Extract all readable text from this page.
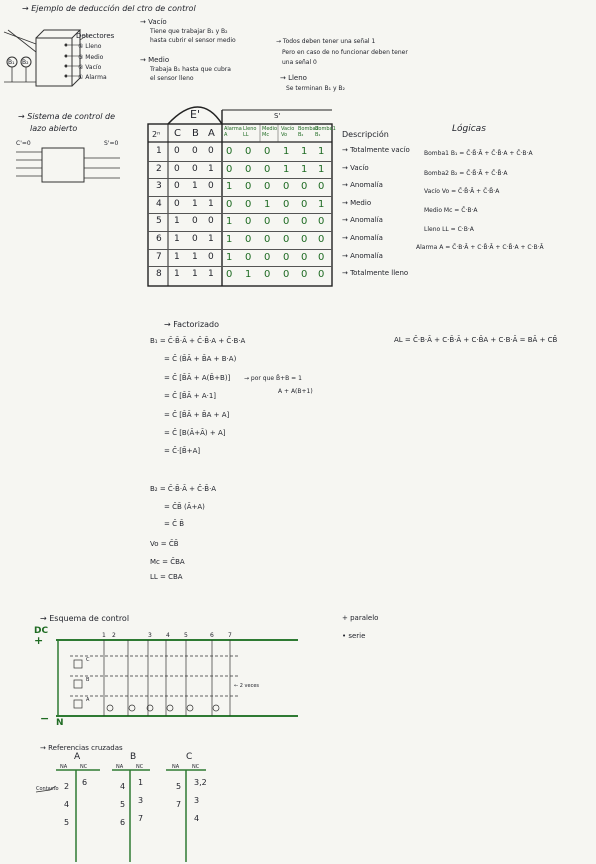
→ Ejemplo de deducción del ctro de control
Detectores
④ Lleno
③ Medio
② Vacío
① Alarma
B₁ B₂
→ Vacío
Tiene que trabajar B₁ y B₂
hasta cubrir el sensor medio
→ Medio
Trabaja B₁ hasta que cubra
el sensor lleno
→ Todos deben tener una señal 1
Pero en caso de no funcionar deben tener
una señal 0
→ Lleno
Se terminan B₁ y B₂
→ Sistema de control de
lazo abierto
C'=0	S'=0
E'	S'
2ⁿ C B A Alarma A
Lleno LL
Medio Mc
Vacío Vo
Bomba2 B₂
Bomba1 B₁	Descripción
1 0 0 0 0 0 0 1 1 1	→ Totalmente vacío
2 0 0 1 0 0 0 1 1 1	→ Vacío
3 0 1 0 1 0 0 0 0 0	→ Anomalía
4 0 1 1 0 0 1 0 0 1	→ Medio
5 1 0 0 1 0 0 0 0 0	→ Anomalía
6 1 0 1 1 0 0 0 0 0	→ Anomalía
7 1 1 0 1 0 0 0 0 0	→ Anomalía
8 1 1 1 0 1 0 0 0 0	→ Totalmente lleno
Lógicas
Bomba1 B₁ = C̄·B̄·Ā + C̄·B̄·A + C̄·B·A
Bomba2 B₂ = C̄·B̄·Ā + C̄·B̄·A
Vacío Vo = C̄·B̄·Ā + C̄·B̄·A
Medio Mc = C̄·B·A
Lleno LL = C·B·A
Alarma A = C̄·B·Ā + C·B̄·Ā + C·B̄·A + C·B·Ā
→ Factorizado
B₁ = C̄·B̄·Ā + C̄·B̄·A + C̄·B·A
= C̄ (B̄Ā + B̄A + B·A)
= C̄ [B̄Ā + A(B̄+B)]
= C̄ [B̄Ā + A·1]
= C̄ [B̄Ā + B̄A + A]
= C̄ [B(Ā+Ā) + A]
= C̄·[B̄+A]
→ por que B̄+B = 1
A + A(B+1)
AL = C̄·B·Ā + C·B̄·Ā + C·B̄A + C·B·Ā = BĀ + CB̄
B₂ = C̄·B̄·Ā + C̄·B̄·A
= C̄B̄ (Ā+A)
= C̄ B̄
Vo = C̄B̄
Mc = C̄BA
LL = CBA
→ Esquema de control
DC
+
− N
1 2	3 4 5	6 7
C
B
A
← 2 veces
+ paralelo
• serie
→ Referencias cruzadas
Contacto
A
NA	NC
2
4
5
6
B
NA	NC
4
5
6
1
3
7
C
NA	NC
5
7
3,2
3
4
